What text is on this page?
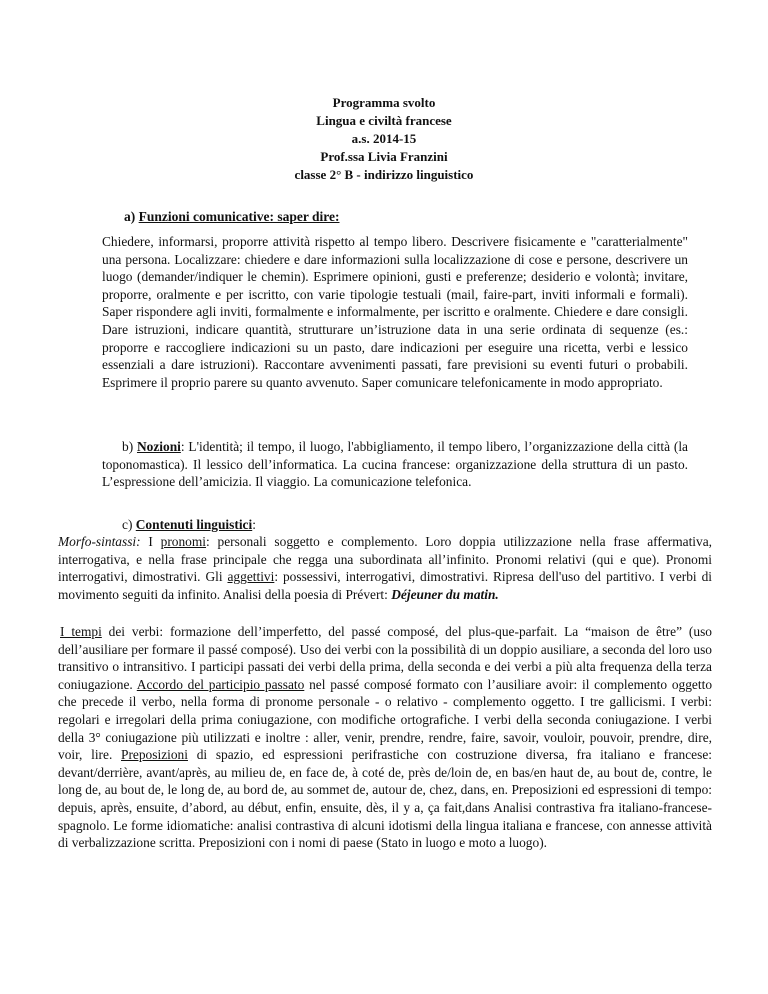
Programma svolto
Lingua e civiltà francese
a.s. 2014-15
Prof.ssa Livia Franzini
classe 2° B - indirizzo linguistico
a) Funzioni comunicative: saper dire:

Chiedere, informarsi, proporre attività rispetto al tempo libero. Descrivere fisicamente e "caratterialmente" una persona. Localizzare: chiedere e dare informazioni sulla localizzazione di cose e persone, descrivere un luogo (demander/indiquer le chemin). Esprimere opinioni, gusti e preferenze; desiderio e volontà; invitare, proporre, oralmente e per iscritto, con varie tipologie testuali (mail, faire-part, inviti informali e formali). Saper rispondere agli inviti, formalmente e informalmente, per iscritto e oralmente. Chiedere e dare consigli. Dare istruzioni, indicare quantità, strutturare un’istruzione data in una serie ordinata di sequenze (es.: proporre e raccogliere indicazioni su un pasto, dare indicazioni per eseguire una ricetta, verbi e lessico essenziali a dare istruzioni). Raccontare avvenimenti passati, fare previsioni su eventi futuri o probabili. Esprimere il proprio parere su quanto avvenuto. Saper comunicare telefonicamente in modo appropriato.

b) Nozioni: L'identità; il tempo, il luogo, l'abbigliamento, il tempo libero, l’organizzazione della città (la toponomastica). Il lessico dell’informatica. La cucina francese: organizzazione della struttura di un pasto. L’espressione dell’amicizia. Il viaggio. La comunicazione telefonica.

c) Contenuti linguistici:

Morfo-sintassi: I pronomi: personali soggetto e complemento. Loro doppia utilizzazione nella frase affermativa, interrogativa, e nella frase principale che regga una subordinata all’infinito. Pronomi relativi (qui e que). Pronomi interrogativi, dimostrativi. Gli aggettivi: possessivi, interrogativi, dimostrativi. Ripresa dell'uso del partitivo. I verbi di movimento seguiti da infinito. Analisi della poesia di Prévert: Déjeuner du matin.

I tempi dei verbi: formazione dell’imperfetto, del passé composé, del plus-que-parfait. La “maison de être” (uso dell’ausiliare per formare il passé composé). Uso dei verbi con la possibilità di un doppio ausiliare, a seconda del loro uso transitivo o intransitivo. I participi passati dei verbi della prima, della seconda e dei verbi a più alta frequenza della terza coniugazione. Accordo del participio passato nel passé composé formato con l’ausiliare avoir: il complemento oggetto che precede il verbo, nella forma di pronome personale - o relativo - complemento oggetto. I tre gallicismi. I verbi: regolari e irregolari della prima coniugazione, con modifiche ortografiche. I verbi della seconda coniugazione. I verbi della 3° coniugazione più utilizzati e inoltre : aller, venir, prendre, rendre, faire, savoir, vouloir, pouvoir, prendre, dire, voir, lire. Preposizioni di spazio, ed espressioni perifrastiche con costruzione diversa, fra italiano e francese: devant/derrière, avant/après, au milieu de, en face de, à coté de, près de/loin de, en bas/en haut de, au bout de, contre, le long de, au bout de, le long de, au bord de, au sommet de, autour de, chez, dans, en. Preposizioni ed espressioni di tempo: depuis, après, ensuite, d’abord, au début, enfin, ensuite, dès, il y a, ça fait,dans Analisi contrastiva fra italiano-francese-spagnolo. Le forme idiomatiche: analisi contrastiva di alcuni idotismi della lingua italiana e francese, con annesse attività di verbalizzazione scritta. Preposizioni con i nomi di paese (Stato in luogo e moto a luogo).
